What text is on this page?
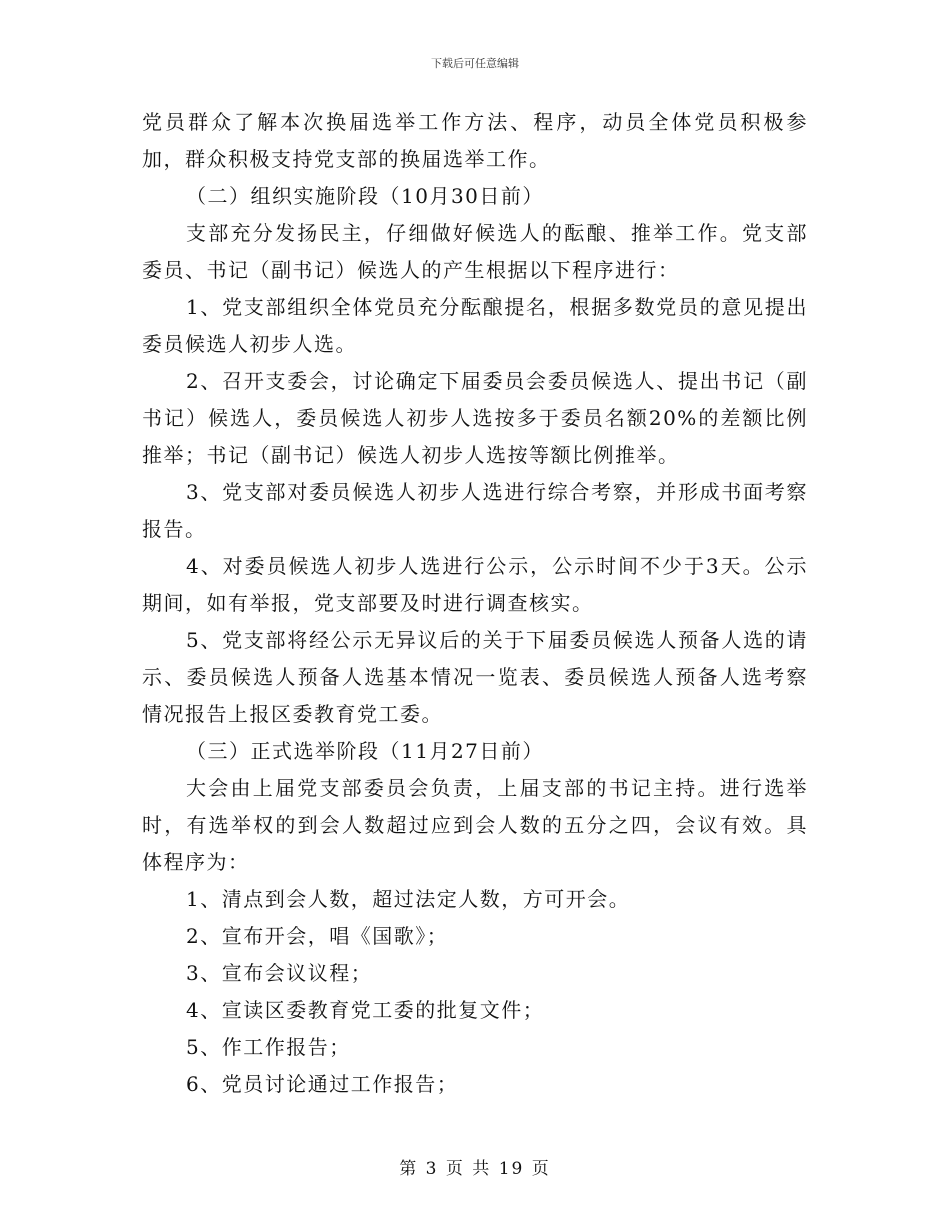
下载后可任意编辑

党员群众了解本次换届选举工作方法、程序，动员全体党员积极参加，群众积极支持党支部的换届选举工作。

（二）组织实施阶段（10月30日前）

支部充分发扬民主，仔细做好候选人的酝酿、推举工作。党支部委员、书记（副书记）候选人的产生根据以下程序进行：

1、党支部组织全体党员充分酝酿提名，根据多数党员的意见提出委员候选人初步人选。

2、召开支委会，讨论确定下届委员会委员候选人、提出书记（副书记）候选人，委员候选人初步人选按多于委员名额20%的差额比例推举；书记（副书记）候选人初步人选按等额比例推举。

3、党支部对委员候选人初步人选进行综合考察，并形成书面考察报告。

4、对委员候选人初步人选进行公示，公示时间不少于3天。公示期间，如有举报，党支部要及时进行调查核实。

5、党支部将经公示无异议后的关于下届委员候选人预备人选的请示、委员候选人预备人选基本情况一览表、委员候选人预备人选考察情况报告上报区委教育党工委。

（三）正式选举阶段（11月27日前）

大会由上届党支部委员会负责，上届支部的书记主持。进行选举时，有选举权的到会人数超过应到会人数的五分之四，会议有效。具体程序为：

1、清点到会人数，超过法定人数，方可开会。

2、宣布开会，唱《国歌》；

3、宣布会议议程；

4、宣读区委教育党工委的批复文件；

5、作工作报告；

6、党员讨论通过工作报告；

第 3 页 共 19 页
